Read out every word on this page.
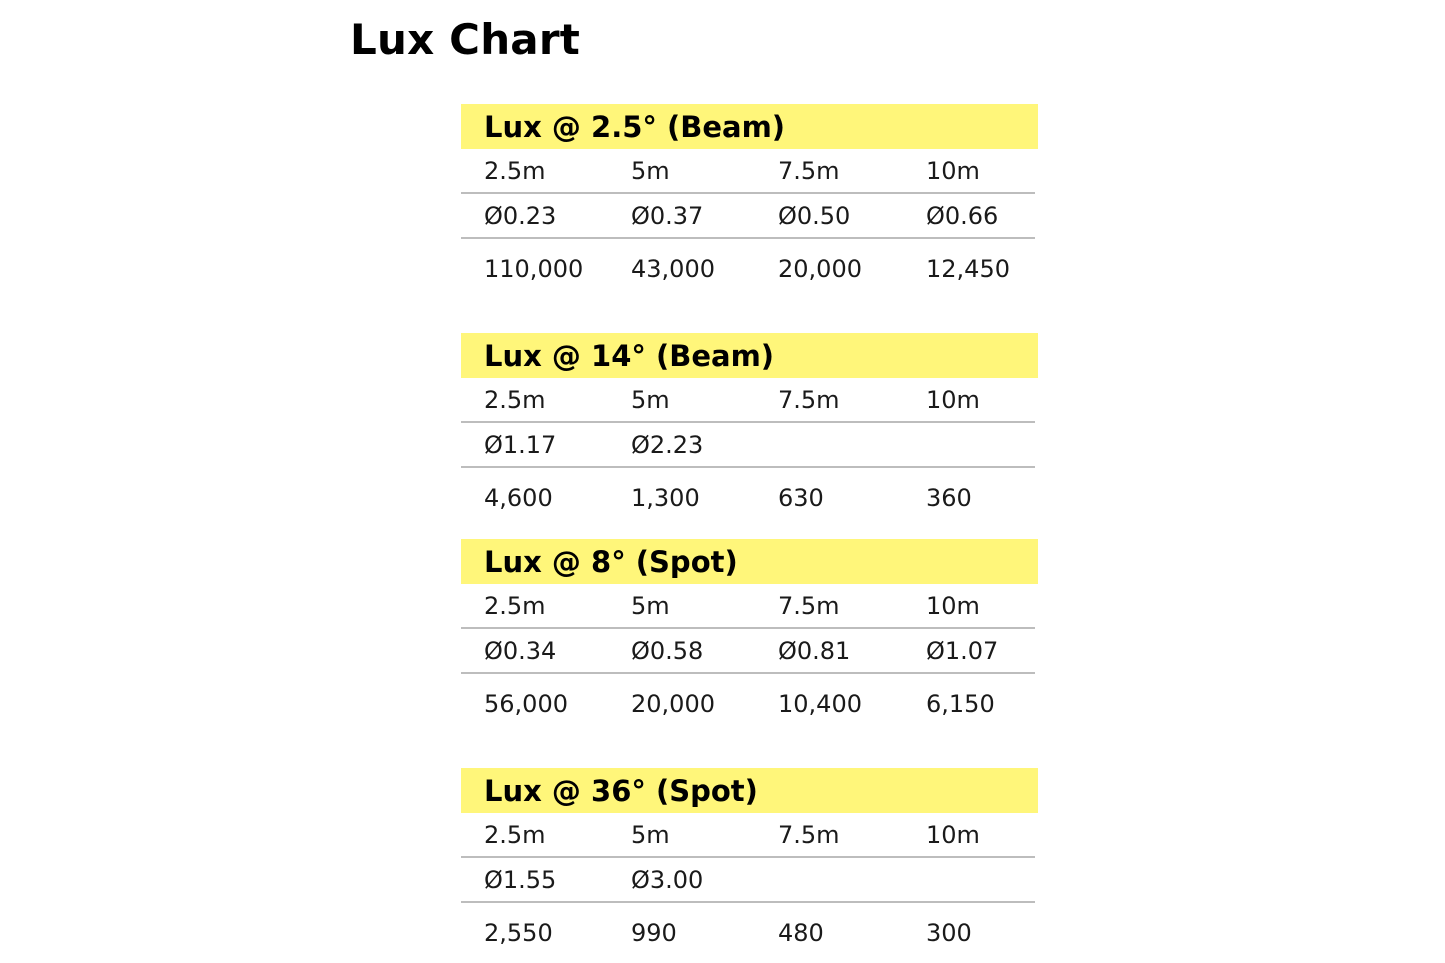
Lux Chart
Lux @ 2.5° (Beam)
2.5m	5m	7.5m	10m
Ø0.23	Ø0.37	Ø0.50	Ø0.66
110,000	43,000	20,000	12,450
Lux @ 14° (Beam)
2.5m	5m	7.5m	10m
Ø1.17	Ø2.23
4,600	1,300	630	360
Lux @ 8° (Spot)
2.5m	5m	7.5m	10m
Ø0.34	Ø0.58	Ø0.81	Ø1.07
56,000	20,000	10,400	6,150
Lux @ 36° (Spot)
2.5m	5m	7.5m	10m
Ø1.55	Ø3.00
2,550	990	480	300
